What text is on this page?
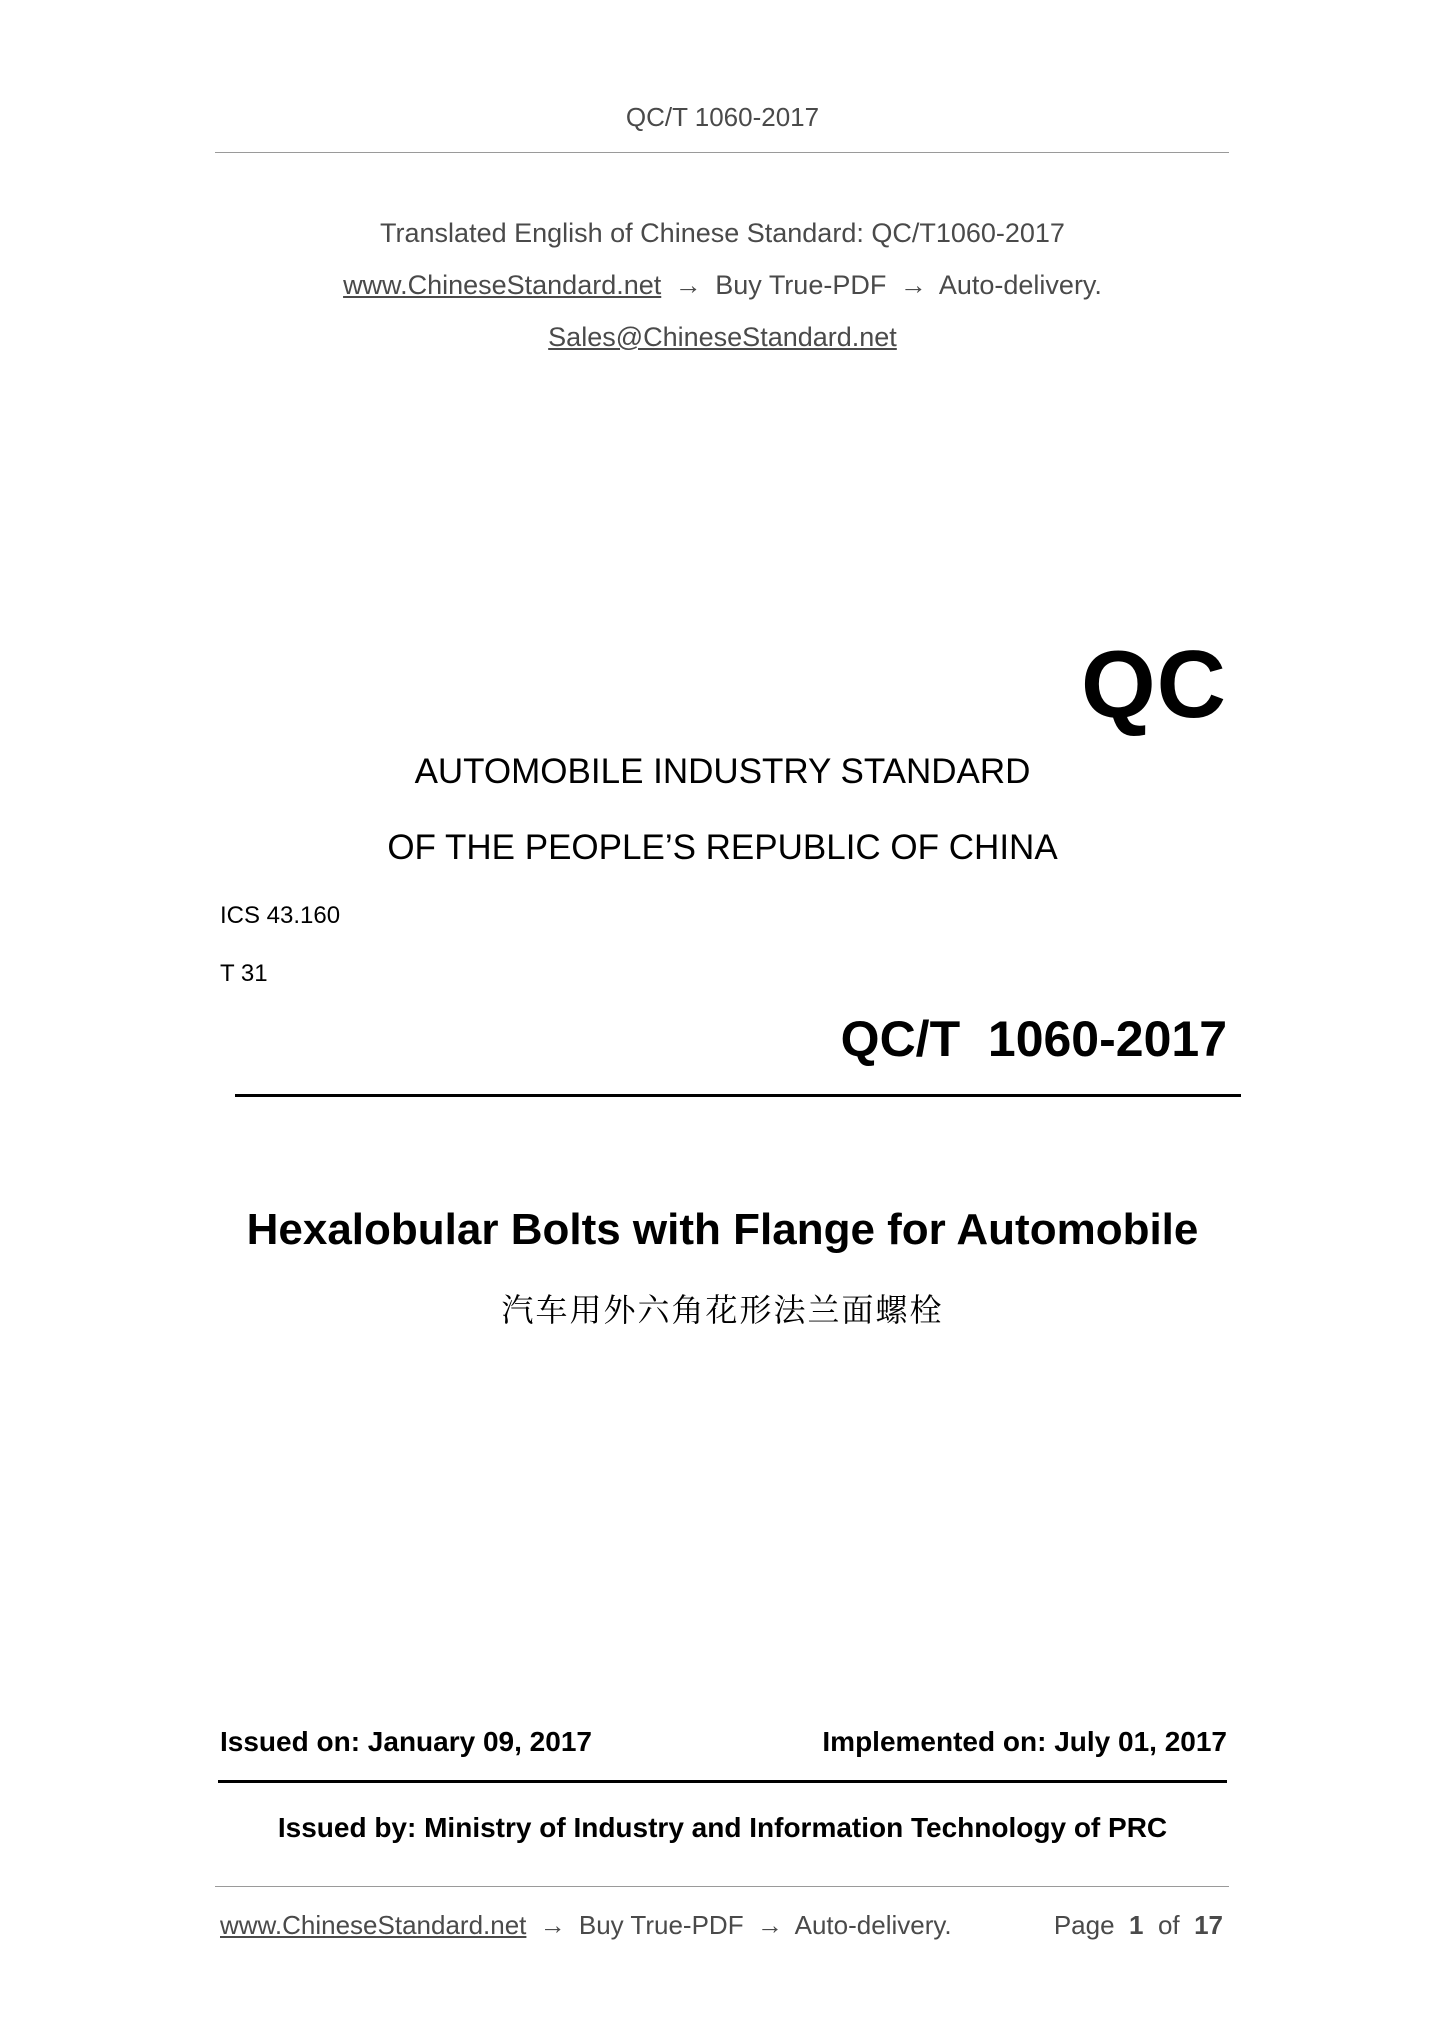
QC/T 1060-2017
Translated English of Chinese Standard: QC/T1060-2017
www.ChineseStandard.net → Buy True-PDF → Auto-delivery.
Sales@ChineseStandard.net
QC
AUTOMOBILE INDUSTRY STANDARD
OF THE PEOPLE’S REPUBLIC OF CHINA
ICS 43.160
T 31
QC/T  1060-2017
Hexalobular Bolts with Flange for Automobile
汽车用外六角花形法兰面螺栓
Issued on: January 09, 2017	Implemented on: July 01, 2017
Issued by: Ministry of Industry and Information Technology of PRC
www.ChineseStandard.net → Buy True-PDF → Auto-delivery.	Page 1 of 17
